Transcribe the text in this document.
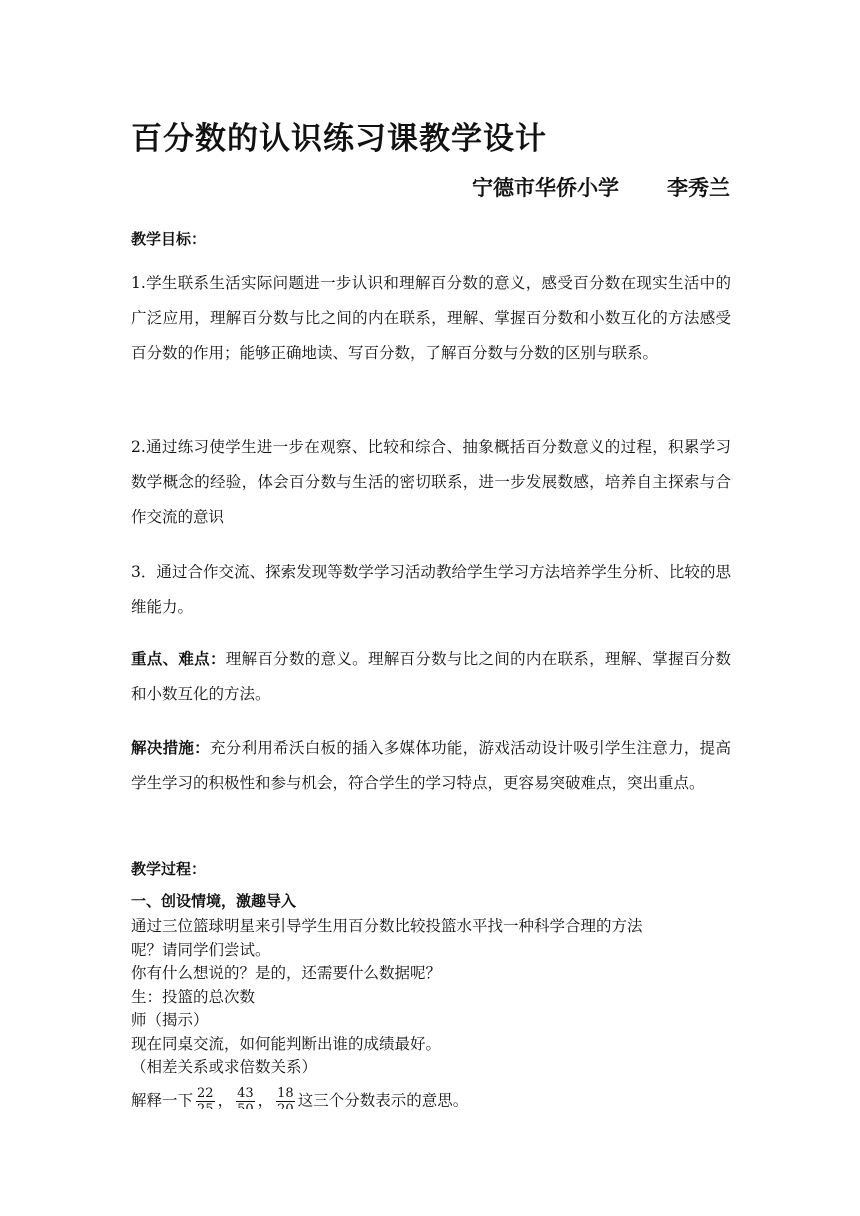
百分数的认识练习课教学设计
宁德市华侨小学 李秀兰
教学目标：
1.学生联系生活实际问题进一步认识和理解百分数的意义，感受百分数在现实生活中的广泛应用，理解百分数与比之间的内在联系，理解、掌握百分数和小数互化的方法感受百分数的作用；能够正确地读、写百分数，了解百分数与分数的区别与联系。
2.通过练习使学生进一步在观察、比较和综合、抽象概括百分数意义的过程，积累学习数学概念的经验，体会百分数与生活的密切联系，进一步发展数感，培养自主探索与合作交流的意识
3．通过合作交流、探索发现等数学学习活动教给学生学习方法培养学生分析、比较的思维能力。
重点、难点：理解百分数的意义。理解百分数与比之间的内在联系，理解、掌握百分数和小数互化的方法。
解决措施：充分利用希沃白板的插入多媒体功能，游戏活动设计吸引学生注意力，提高学生学习的积极性和参与机会，符合学生的学习特点，更容易突破难点，突出重点。
教学过程：
一、创设情境，激趣导入
通过三位篮球明星来引导学生用百分数比较投篮水平找一种科学合理的方法
呢？请同学们尝试。
你有什么想说的？是的，还需要什么数据呢？
生：投篮的总次数
师（揭示）
现在同桌交流，如何能判断出谁的成绩最好。
（相差关系或求倍数关系）
解释一下 22 ， 43 ， 18 这三个分数表示的意思。
